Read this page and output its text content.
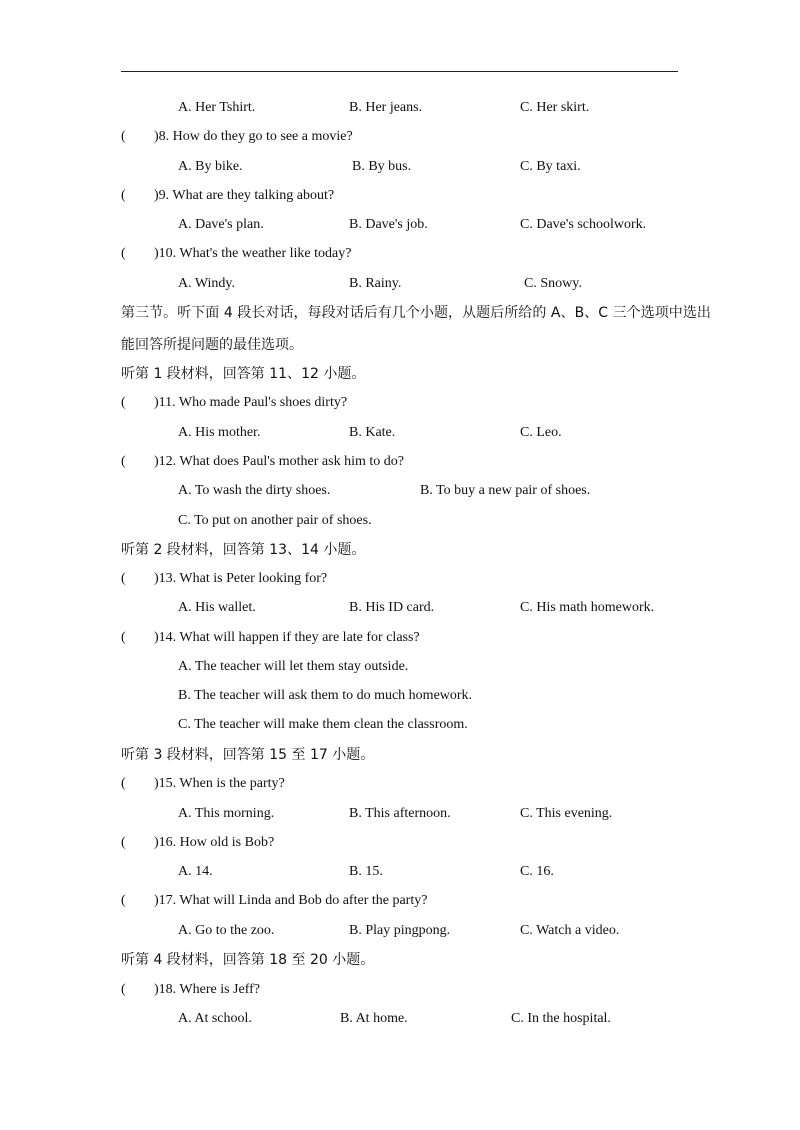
A. Her Tshirt.	B. Her jeans.	C. Her skirt.
( )8. How do they go to see a movie?
A. By bike.	B. By bus.	C. By taxi.
( )9. What are they talking about?
A. Dave's plan.	B. Dave's job.	C. Dave's schoolwork.
( )10. What's the weather like today?
A. Windy.	B. Rainy.	C. Snowy.
第三节。听下面 4 段长对话，每段对话后有几个小题，从题后所给的 A、B、C 三个选项中选出
能回答所提问题的最佳选项。
听第 1 段材料，回答第 11、12 小题。
( )11. Who made Paul's shoes dirty?
A. His mother.	B. Kate.	C. Leo.
( )12. What does Paul's mother ask him to do?
A. To wash the dirty shoes.	B. To buy a new pair of shoes.
C. To put on another pair of shoes.
听第 2 段材料，回答第 13、14 小题。
( )13. What is Peter looking for?
A. His wallet.	B. His ID card.	C. His math homework.
( )14. What will happen if they are late for class?
A. The teacher will let them stay outside.
B. The teacher will ask them to do much homework.
C. The teacher will make them clean the classroom.
听第 3 段材料，回答第 15 至 17 小题。
( )15. When is the party?
A. This morning.	B. This afternoon.	C. This evening.
( )16. How old is Bob?
A. 14.	B. 15.	C. 16.
( )17. What will Linda and Bob do after the party?
A. Go to the zoo.	B. Play pingpong.	C. Watch a video.
听第 4 段材料，回答第 18 至 20 小题。
( )18. Where is Jeff?
A. At school.	B. At home.	C. In the hospital.
